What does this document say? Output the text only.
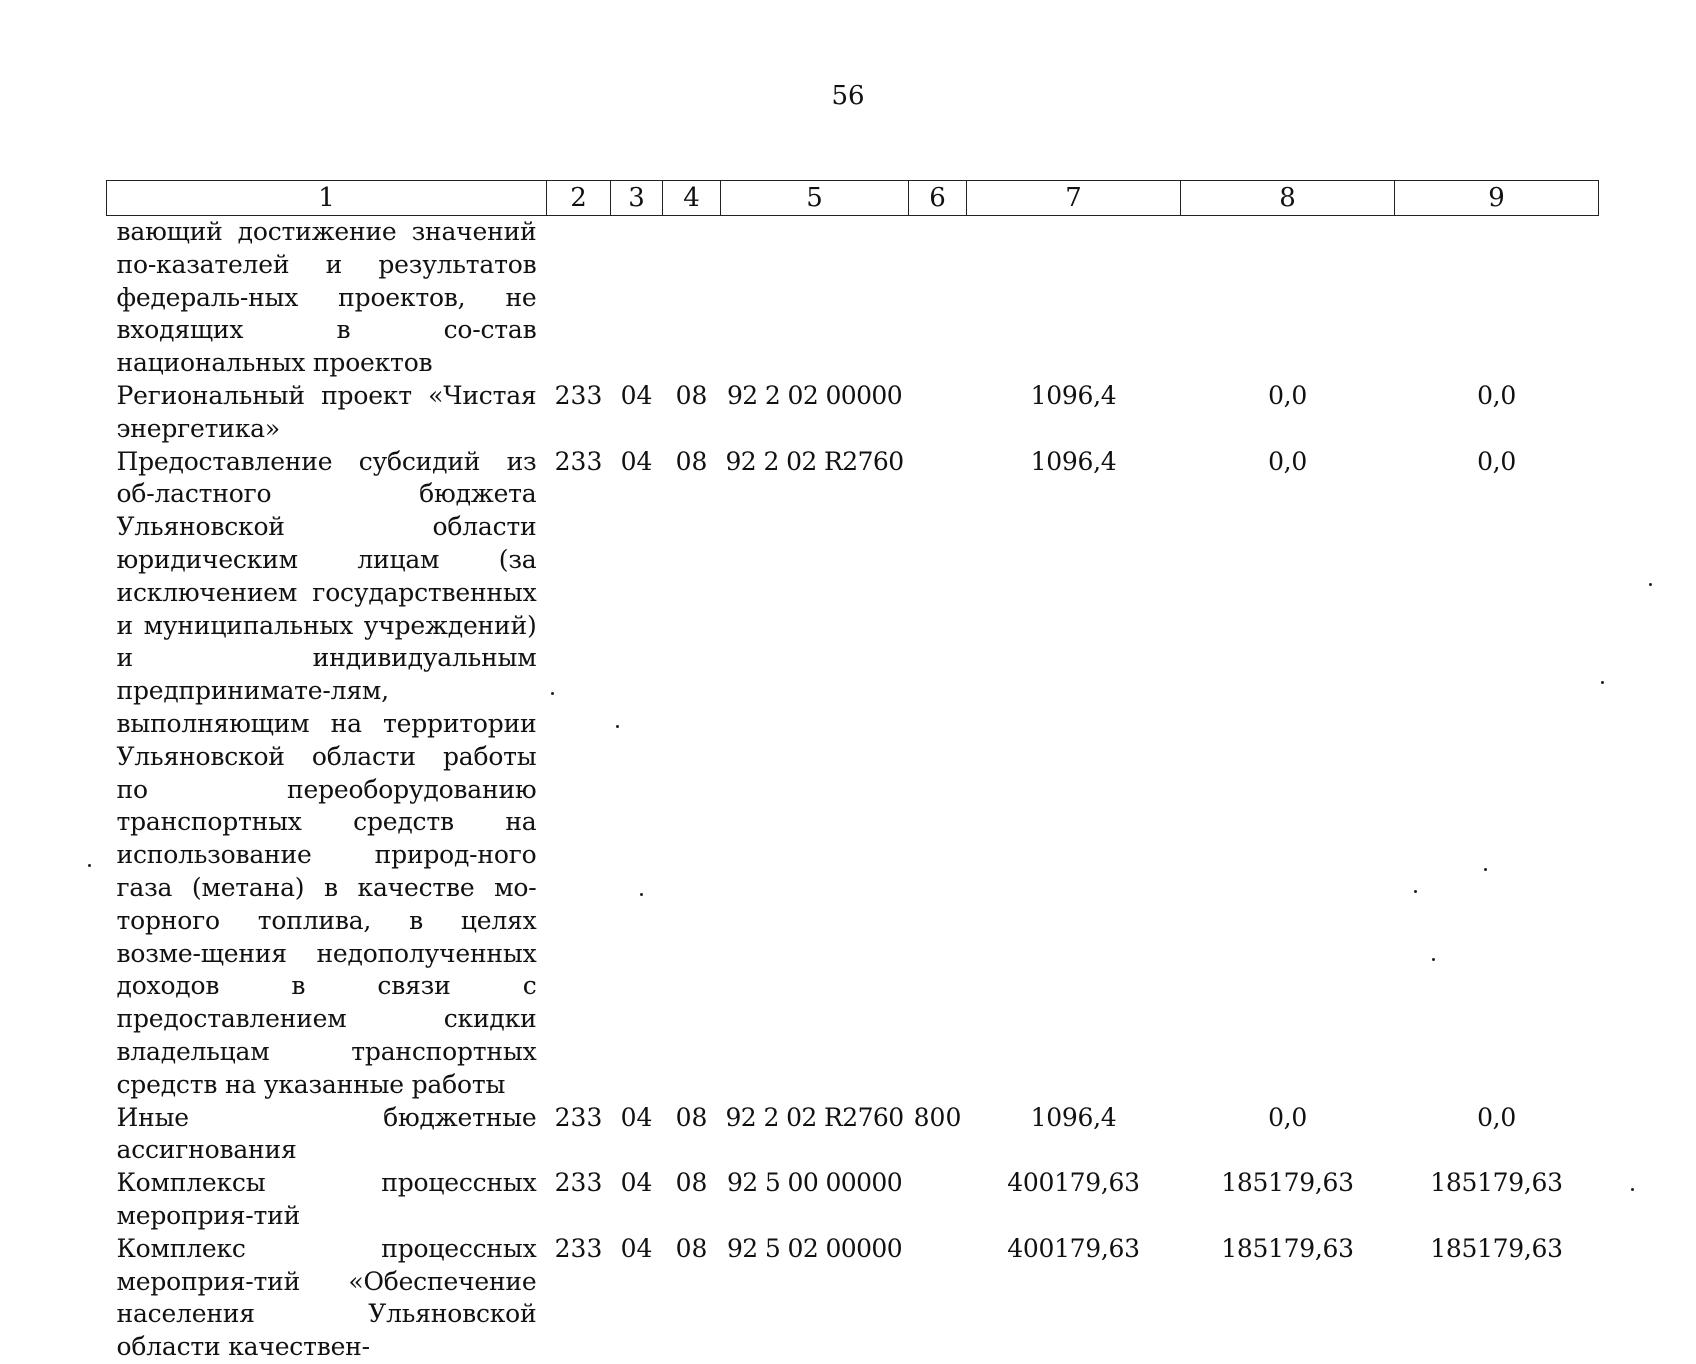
56
1	2	3	4	5	6	7	8	9
вающий достижение значений по-казателей и результатов федераль-ных проектов, не входящих в со-став национальных проектов								
Региональный проект «Чистая энергетика»	233	04	08	92 2 02 00000		1096,4	0,0	0,0
Предоставление субсидий из об-ластного бюджета Ульяновской области юридическим лицам (за исключением государственных и муниципальных учреждений) и индивидуальным предпринимате-лям, выполняющим на территории Ульяновской области работы по переоборудованию транспортных средств на использование природ-ного газа (метана) в качестве мо-торного топлива, в целях возме-щения недополученных доходов в связи с предоставлением скидки владельцам транспортных средств на указанные работы	233	04	08	92 2 02 R2760		1096,4	0,0	0,0
Иные бюджетные ассигнования	233	04	08	92 2 02 R2760	800	1096,4	0,0	0,0
Комплексы процессных мероприя-тий	233	04	08	92 5 00 00000		400179,63	185179,63	185179,63
Комплекс процессных мероприя-тий «Обеспечение населения Ульяновской области качествен-	233	04	08	92 5 02 00000		400179,63	185179,63	185179,63
